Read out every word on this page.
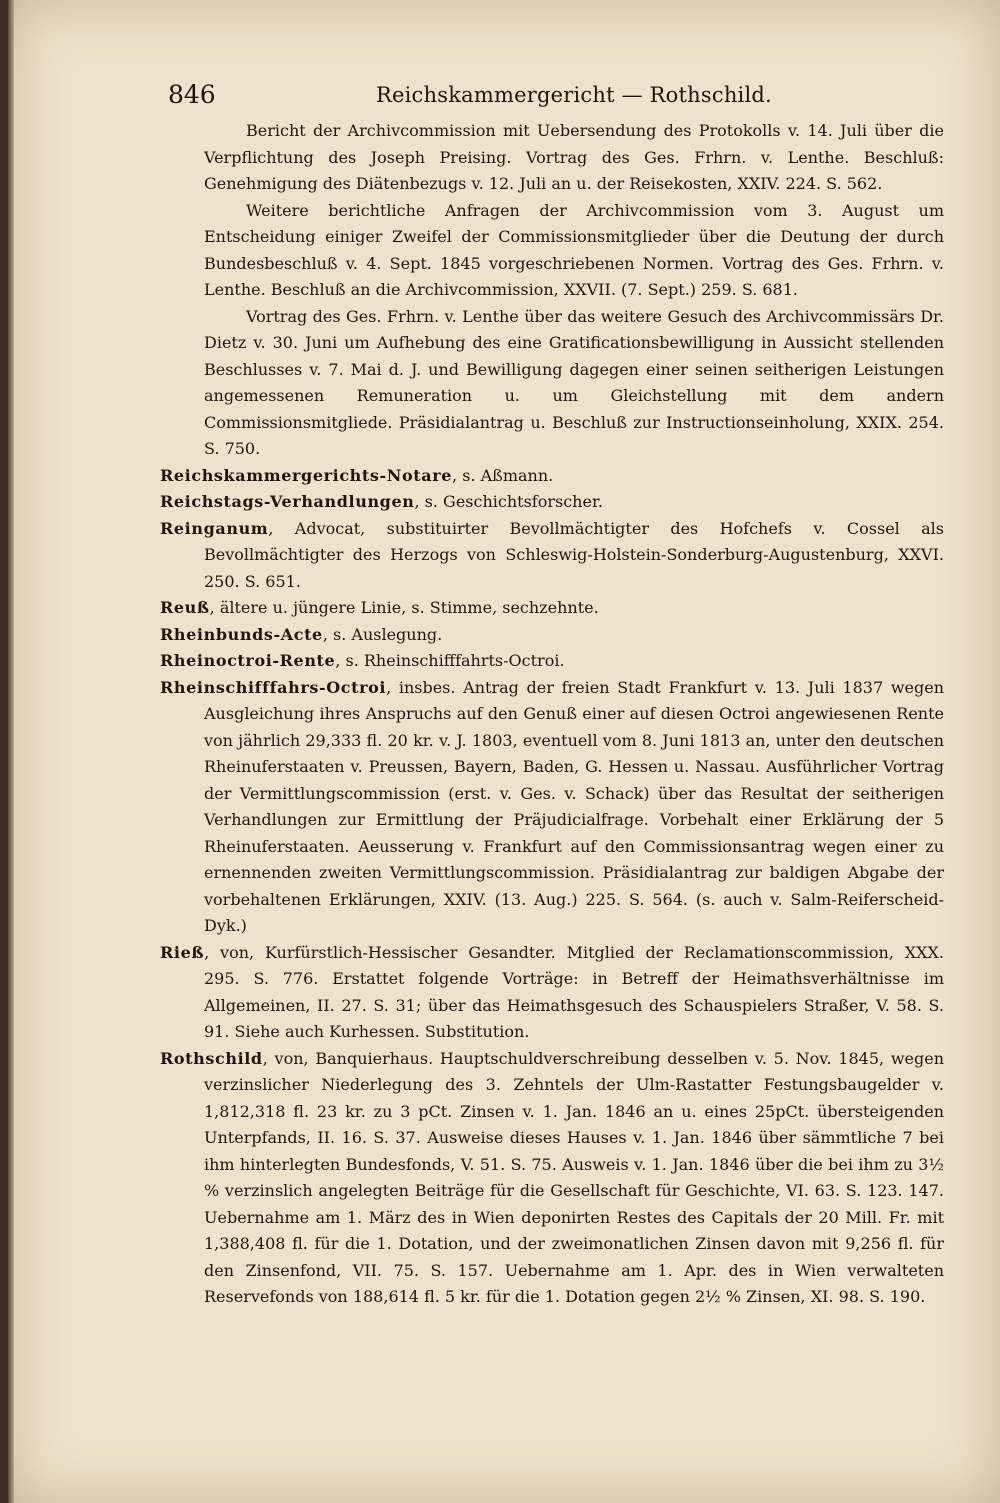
846	Reichskammergericht — Rothschild.

Bericht der Archivcommission mit Uebersendung des Protokolls v. 14. Juli über die Verpflichtung des Joseph Preising. Vortrag des Ges. Frhrn. v. Lenthe. Beschluß: Genehmigung des Diätenbezugs v. 12. Juli an u. der Reisekosten, XXIV. 224. S. 562.

Weitere berichtliche Anfragen der Archivcommission vom 3. August um Entscheidung einiger Zweifel der Commissionsmitglieder über die Deutung der durch Bundesbeschluß v. 4. Sept. 1845 vorgeschriebenen Normen. Vortrag des Ges. Frhrn. v. Lenthe. Beschluß an die Archivcommission, XXVII. (7. Sept.) 259. S. 681.

Vortrag des Ges. Frhrn. v. Lenthe über das weitere Gesuch des Archivcommissärs Dr. Dietz v. 30. Juni um Aufhebung des eine Gratificationsbewilligung in Aussicht stellenden Beschlusses v. 7. Mai d. J. und Bewilligung dagegen einer seinen seitherigen Leistungen angemessenen Remuneration u. um Gleichstellung mit dem andern Commissionsmitgliede. Präsidialantrag u. Beschluß zur Instructionseinholung, XXIX. 254. S. 750.

Reichskammergerichts-Notare, s. Aßmann.

Reichstags-Verhandlungen, s. Geschichtsforscher.

Reinganum, Advocat, substituirter Bevollmächtigter des Hofchefs v. Cossel als Bevollmächtigter des Herzogs von Schleswig-Holstein-Sonderburg-Augustenburg, XXVI. 250. S. 651.

Reuß, ältere u. jüngere Linie, s. Stimme, sechzehnte.

Rheinbunds-Acte, s. Auslegung.

Rheinoctroi-Rente, s. Rheinschifffahrts-Octroi.

Rheinschifffahrs-Octroi, insbes. Antrag der freien Stadt Frankfurt v. 13. Juli 1837 wegen Ausgleichung ihres Anspruchs auf den Genuß einer auf diesen Octroi angewiesenen Rente von jährlich 29,333 fl. 20 kr. v. J. 1803, eventuell vom 8. Juni 1813 an, unter den deutschen Rheinuferstaaten v. Preussen, Bayern, Baden, G. Hessen u. Nassau. Ausführlicher Vortrag der Vermittlungscommission (erst. v. Ges. v. Schack) über das Resultat der seitherigen Verhandlungen zur Ermittlung der Präjudicialfrage. Vorbehalt einer Erklärung der 5 Rheinuferstaaten. Aeusserung v. Frankfurt auf den Commissionsantrag wegen einer zu ernennenden zweiten Vermittlungscommission. Präsidialantrag zur baldigen Abgabe der vorbehaltenen Erklärungen, XXIV. (13. Aug.) 225. S. 564. (s. auch v. Salm-Reiferscheid-Dyk.)

Rieß, von, Kurfürstlich-Hessischer Gesandter. Mitglied der Reclamationscommission, XXX. 295. S. 776. Erstattet folgende Vorträge: in Betreff der Heimathsverhältnisse im Allgemeinen, II. 27. S. 31; über das Heimathsgesuch des Schauspielers Straßer, V. 58. S. 91. Siehe auch Kurhessen. Substitution.

Rothschild, von, Banquierhaus. Hauptschuldverschreibung desselben v. 5. Nov. 1845, wegen verzinslicher Niederlegung des 3. Zehntels der Ulm-Rastatter Festungsbaugelder v. 1,812,318 fl. 23 kr. zu 3 pCt. Zinsen v. 1. Jan. 1846 an u. eines 25pCt. übersteigenden Unterpfands, II. 16. S. 37. Ausweise dieses Hauses v. 1. Jan. 1846 über sämmtliche 7 bei ihm hinterlegten Bundesfonds, V. 51. S. 75. Ausweis v. 1. Jan. 1846 über die bei ihm zu 3½ % verzinslich angelegten Beiträge für die Gesellschaft für Geschichte, VI. 63. S. 123. 147. Uebernahme am 1. März des in Wien deponirten Restes des Capitals der 20 Mill. Fr. mit 1,388,408 fl. für die 1. Dotation, und der zweimonatlichen Zinsen davon mit 9,256 fl. für den Zinsenfond, VII. 75. S. 157. Uebernahme am 1. Apr. des in Wien verwalteten Reservefonds von 188,614 fl. 5 kr. für die 1. Dotation gegen 2½ % Zinsen, XI. 98. S. 190.
